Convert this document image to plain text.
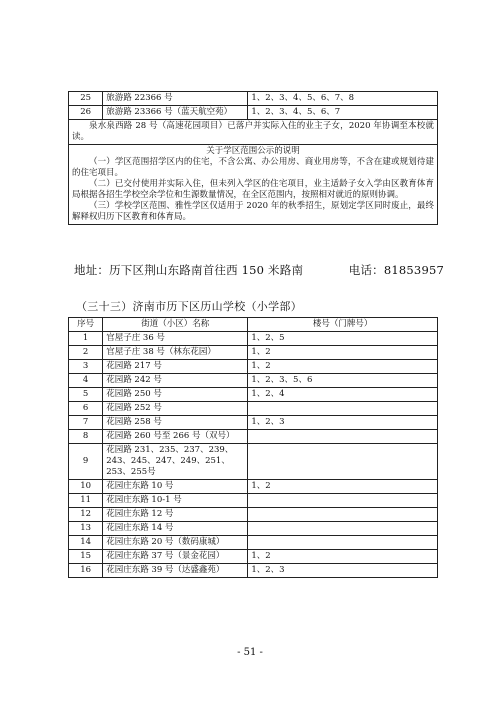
25	旅游路 22366 号	1、2、3、4、5、6、7、8
26	旅游路 23366 号（蓝天航空苑）	1、2、3、4、5、6、7

泉水泉西路 28 号（高速花园项目）已落户并实际入住的业主子女，2020 年协调至本校就读。		

关于学区范围公示的说明
（一）学区范围招学区内的住宅，不含公寓、办公用房、商业用房等，不含在建或规划待建的住宅项目。
（二）已交付使用并实际入住，但未列入学区的住宅项目，业主适龄子女入学由区教育体育局根据各招生学校空余学位和生源数量情况，在全区范围内，按照相对就近的原则协调。
（三）学校学区范围、雅性学区仅适用于 2020 年的秋季招生，原划定学区同时废止，最终解释权归历下区教育和体育局。		
地址：历下区荆山东路南首往西 150 米路南	电话：81853957
（三十三）济南市历下区历山学校（小学部）
序号	街道（小区）名称	楼号（门牌号）
1	官屋子庄 36 号	1、2、5
2	官屋子庄 38 号（林东花园）	1、2
3	花园路 217 号	1、2
4	花园路 242 号	1、2、3、5、6
5	花园路 250 号	1、2、4
6	花园路 252 号	
7	花园路 258 号	1、2、3
8	花园路 260 号至 266 号（双号）	
9	花园路 231、235、237、239、243、245、247、249、251、253、255号	
10	花园庄东路 10 号	1、2
11	花园庄东路 10-1 号	
12	花园庄东路 12 号	
13	花园庄东路 14 号	
14	花园庄东路 20 号（数码康城）	
15	花园庄东路 37 号（景金花园）	1、2
16	花园庄东路 39 号（达盛鑫苑）	1、2、3
- 51 -
